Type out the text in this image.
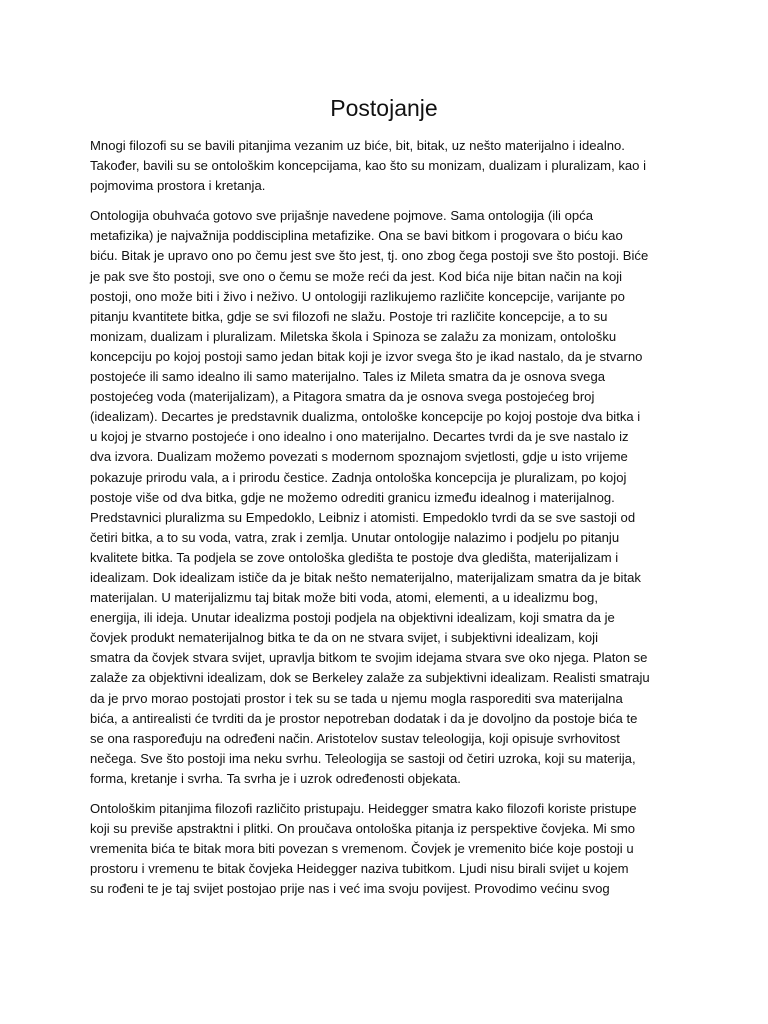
Postojanje

Mnogi filozofi su se bavili pitanjima vezanim uz biće, bit, bitak, uz nešto materijalno i idealno.
Također, bavili su se ontološkim koncepcijama, kao što su monizam, dualizam i pluralizam, kao i
pojmovima prostora i kretanja.

Ontologija obuhvaća gotovo sve prijašnje navedene pojmove. Sama ontologija (ili opća
metafizika) je najvažnija poddisciplina metafizike. Ona se bavi bitkom i progovara o biću kao
biću. Bitak je upravo ono po čemu jest sve što jest, tj. ono zbog čega postoji sve što postoji. Biće
je pak sve što postoji, sve ono o čemu se može reći da jest. Kod bića nije bitan način na koji
postoji, ono može biti i živo i neživo. U ontologiji razlikujemo različite koncepcije, varijante po
pitanju kvantitete bitka, gdje se svi filozofi ne slažu. Postoje tri različite koncepcije, a to su
monizam, dualizam i pluralizam. Miletska škola i Spinoza se zalažu za monizam, ontološku
koncepciju po kojoj postoji samo jedan bitak koji je izvor svega što je ikad nastalo, da je stvarno
postojeće ili samo idealno ili samo materijalno. Tales iz Mileta smatra da je osnova svega
postojećeg voda (materijalizam), a Pitagora smatra da je osnova svega postojećeg broj
(idealizam). Decartes je predstavnik dualizma, ontološke koncepcije po kojoj postoje dva bitka i
u kojoj je stvarno postojeće i ono idealno i ono materijalno. Decartes tvrdi da je sve nastalo iz
dva izvora. Dualizam možemo povezati s modernom spoznajom svjetlosti, gdje u isto vrijeme
pokazuje prirodu vala, a i prirodu čestice. Zadnja ontološka koncepcija je pluralizam, po kojoj
postoje više od dva bitka, gdje ne možemo odrediti granicu između idealnog i materijalnog.
Predstavnici pluralizma su Empedoklo, Leibniz i atomisti. Empedoklo tvrdi da se sve sastoji od
četiri bitka, a to su voda, vatra, zrak i zemlja. Unutar ontologije nalazimo i podjelu po pitanju
kvalitete bitka. Ta podjela se zove ontološka gledišta te postoje dva gledišta, materijalizam i
idealizam. Dok idealizam ističe da je bitak nešto nematerijalno, materijalizam smatra da je bitak
materijalan. U materijalizmu taj bitak može biti voda, atomi, elementi, a u idealizmu bog,
energija, ili ideja. Unutar idealizma postoji podjela na objektivni idealizam, koji smatra da je
čovjek produkt nematerijalnog bitka te da on ne stvara svijet, i subjektivni idealizam, koji
smatra da čovjek stvara svijet, upravlja bitkom te svojim idejama stvara sve oko njega. Platon se
zalaže za objektivni idealizam, dok se Berkeley zalaže za subjektivni idealizam. Realisti smatraju
da je prvo morao postojati prostor i tek su se tada u njemu mogla rasporediti sva materijalna
bića, a antirealisti će tvrditi da je prostor nepotreban dodatak i da je dovoljno da postoje bića te
se ona raspoređuju na određeni način. Aristotelov sustav teleologija, koji opisuje svrhovitost
nečega. Sve što postoji ima neku svrhu. Teleologija se sastoji od četiri uzroka, koji su materija,
forma, kretanje i svrha. Ta svrha je i uzrok određenosti objekata.

Ontološkim pitanjima filozofi različito pristupaju. Heidegger smatra kako filozofi koriste pristupe
koji su previše apstraktni i plitki. On proučava ontološka pitanja iz perspektive čovjeka. Mi smo
vremenita bića te bitak mora biti povezan s vremenom. Čovjek je vremenito biće koje postoji u
prostoru i vremenu te bitak čovjeka Heidegger naziva tubitkom. Ljudi nisu birali svijet u kojem
su rođeni te je taj svijet postojao prije nas i već ima svoju povijest. Provodimo većinu svog
